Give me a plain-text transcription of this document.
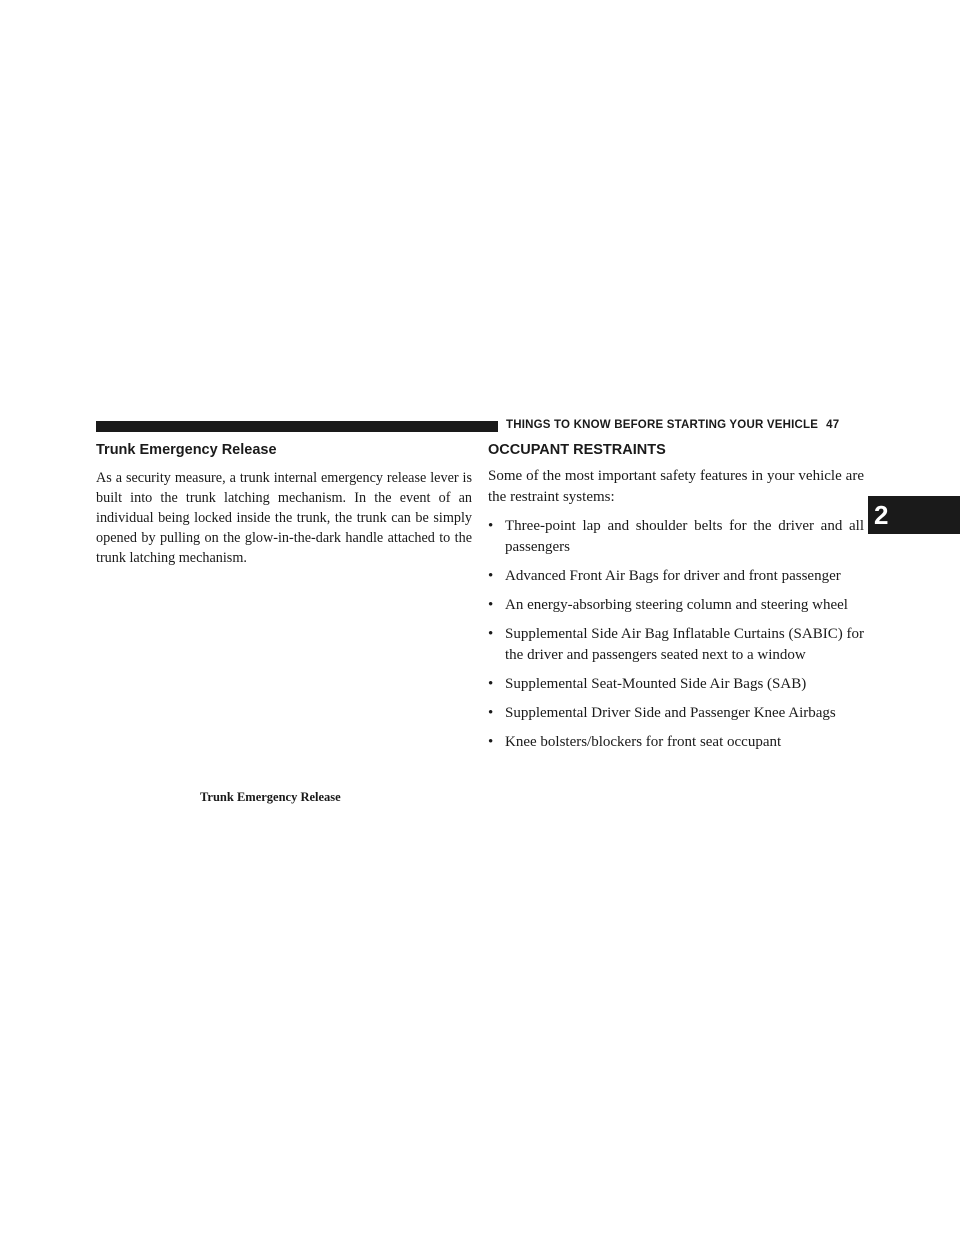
THINGS TO KNOW BEFORE STARTING YOUR VEHICLE 47
2
Trunk Emergency Release

As a security measure, a trunk internal emergency release lever is built into the trunk latching mechanism. In the event of an individual being locked inside the trunk, the trunk can be simply opened by pulling on the glow-in-the-dark handle attached to the trunk latching mechanism.

Trunk Emergency Release
OCCUPANT RESTRAINTS

Some of the most important safety features in your vehicle are the restraint systems:

• Three-point lap and shoulder belts for the driver and all passengers
• Advanced Front Air Bags for driver and front passenger
• An energy-absorbing steering column and steering wheel
• Supplemental Side Air Bag Inflatable Curtains (SABIC) for the driver and passengers seated next to a window
• Supplemental Seat-Mounted Side Air Bags (SAB)
• Supplemental Driver Side and Passenger Knee Airbags
• Knee bolsters/blockers for front seat occupant
